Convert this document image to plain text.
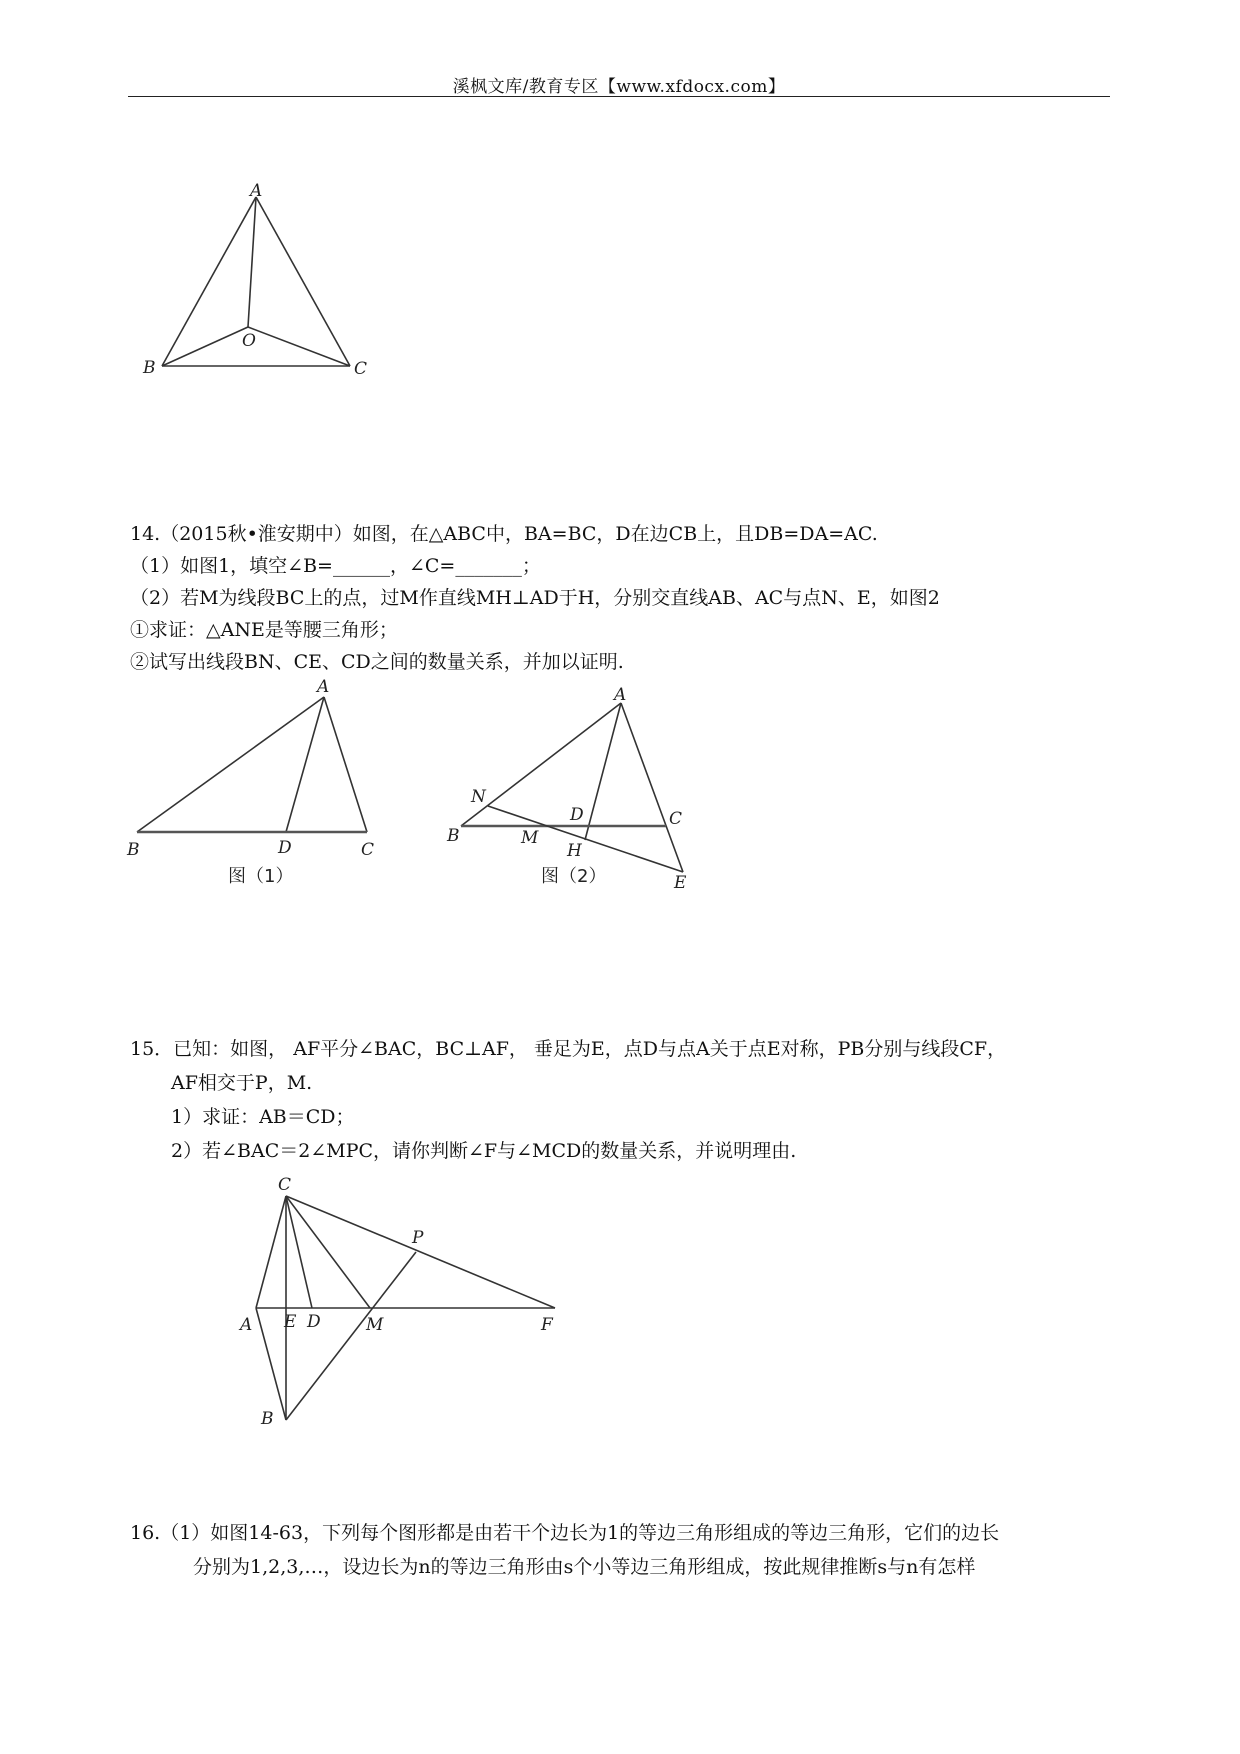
溪枫文库/教育专区【www.xfdocx.com】
A
B	C
O
14.（2015秋•淮安期中）如图，在△ABC中，BA=BC，D在边CB上，且DB=DA=AC.
（1）如图1，填空∠B=______，∠C=_______；
（2）若M为线段BC上的点，过M作直线MH⊥AD于H，分别交直线AB、AC与点N、E，如图2
①求证：△ANE是等腰三角形；
②试写出线段BN、CE、CD之间的数量关系，并加以证明.
A
B	D	C
图（1）
A
N
D	C
B	M
H
E
图（2）
15．已知：如图， AF平分∠BAC，BC⊥AF， 垂足为E，点D与点A关于点E对称，PB分别与线段CF，
AF相交于P，M.
1）求证：AB＝CD；
2）若∠BAC＝2∠MPC，请你判断∠F与∠MCD的数量关系，并说明理由.
C
P
A E D	M	F
B
16.（1）如图14-63，下列每个图形都是由若干个边长为1的等边三角形组成的等边三角形，它们的边长
分别为1,2,3,…，设边长为n的等边三角形由s个小等边三角形组成，按此规律推断s与n有怎样
